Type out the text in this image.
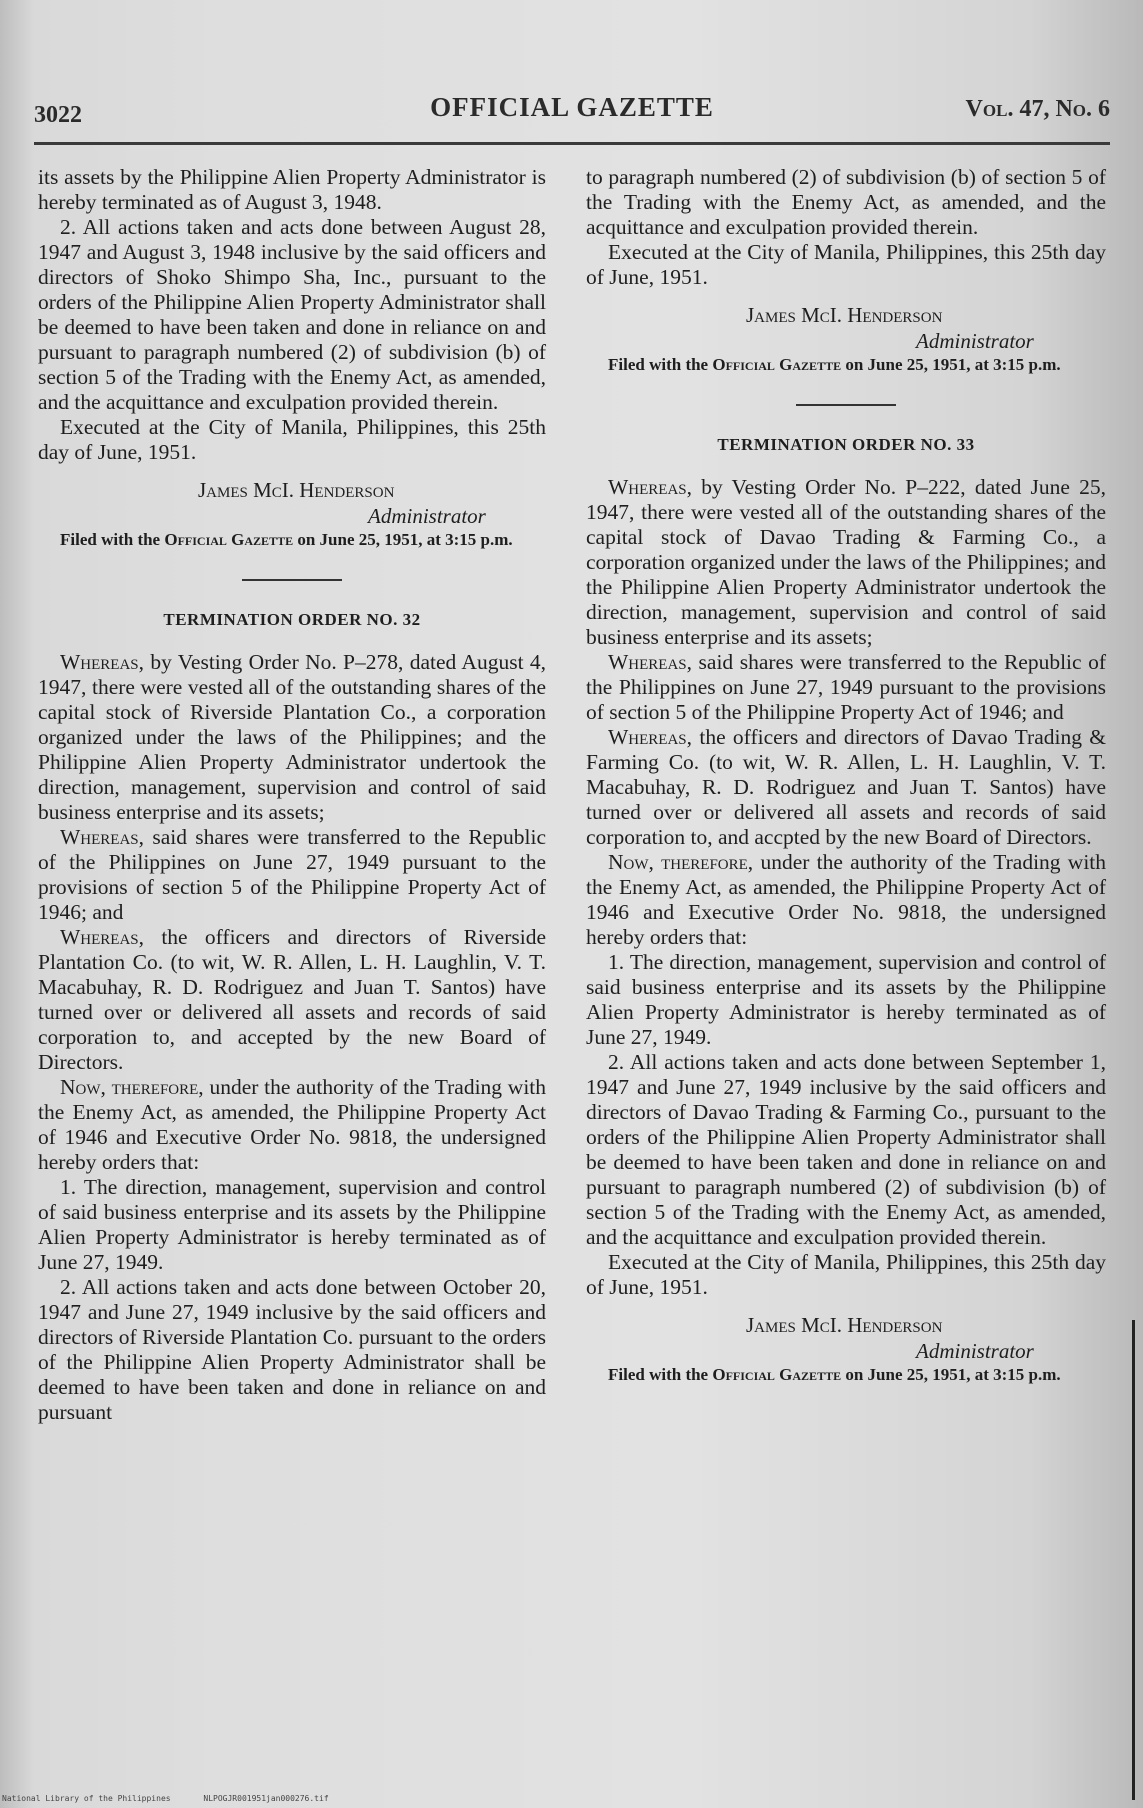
3022	OFFICIAL GAZETTE	Vol. 47, No. 6

its assets by the Philippine Alien Property Administrator is hereby terminated as of August 3, 1948.

2. All actions taken and acts done between August 28, 1947 and August 3, 1948 inclusive by the said officers and directors of Shoko Shimpo Sha, Inc., pursuant to the orders of the Philippine Alien Property Administrator shall be deemed to have been taken and done in reliance on and pursuant to paragraph numbered (2) of subdivision (b) of section 5 of the Trading with the Enemy Act, as amended, and the acquittance and exculpation provided therein.

Executed at the City of Manila, Philippines, this 25th day of June, 1951.

James McI. Henderson
Administrator

Filed with the Official Gazette on June 25, 1951, at 3:15 p.m.

TERMINATION ORDER NO. 32

Whereas, by Vesting Order No. P–278, dated August 4, 1947, there were vested all of the outstanding shares of the capital stock of Riverside Plantation Co., a corporation organized under the laws of the Philippines; and the Philippine Alien Property Administrator undertook the direction, management, supervision and control of said business enterprise and its assets;

Whereas, said shares were transferred to the Republic of the Philippines on June 27, 1949 pursuant to the provisions of section 5 of the Philippine Property Act of 1946; and

Whereas, the officers and directors of Riverside Plantation Co. (to wit, W. R. Allen, L. H. Laughlin, V. T. Macabuhay, R. D. Rodriguez and Juan T. Santos) have turned over or delivered all assets and records of said corporation to, and accepted by the new Board of Directors.

Now, therefore, under the authority of the Trading with the Enemy Act, as amended, the Philippine Property Act of 1946 and Executive Order No. 9818, the undersigned hereby orders that:

1. The direction, management, supervision and control of said business enterprise and its assets by the Philippine Alien Property Administrator is hereby terminated as of June 27, 1949.

2. All actions taken and acts done between October 20, 1947 and June 27, 1949 inclusive by the said officers and directors of Riverside Plantation Co. pursuant to the orders of the Philippine Alien Property Administrator shall be deemed to have been taken and done in reliance on and pursuant

to paragraph numbered (2) of subdivision (b) of section 5 of the Trading with the Enemy Act, as amended, and the acquittance and exculpation provided therein.

Executed at the City of Manila, Philippines, this 25th day of June, 1951.

James McI. Henderson
Administrator

Filed with the Official Gazette on June 25, 1951, at 3:15 p.m.

TERMINATION ORDER NO. 33

Whereas, by Vesting Order No. P–222, dated June 25, 1947, there were vested all of the outstanding shares of the capital stock of Davao Trading & Farming Co., a corporation organized under the laws of the Philippines; and the Philippine Alien Property Administrator undertook the direction, management, supervision and control of said business enterprise and its assets;

Whereas, said shares were transferred to the Republic of the Philippines on June 27, 1949 pursuant to the provisions of section 5 of the Philippine Property Act of 1946; and

Whereas, the officers and directors of Davao Trading & Farming Co. (to wit, W. R. Allen, L. H. Laughlin, V. T. Macabuhay, R. D. Rodriguez and Juan T. Santos) have turned over or delivered all assets and records of said corporation to, and accpted by the new Board of Directors.

Now, therefore, under the authority of the Trading with the Enemy Act, as amended, the Philippine Property Act of 1946 and Executive Order No. 9818, the undersigned hereby orders that:

1. The direction, management, supervision and control of said business enterprise and its assets by the Philippine Alien Property Administrator is hereby terminated as of June 27, 1949.

2. All actions taken and acts done between September 1, 1947 and June 27, 1949 inclusive by the said officers and directors of Davao Trading & Farming Co., pursuant to the orders of the Philippine Alien Property Administrator shall be deemed to have been taken and done in reliance on and pursuant to paragraph numbered (2) of subdivision (b) of section 5 of the Trading with the Enemy Act, as amended, and the acquittance and exculpation provided therein.

Executed at the City of Manila, Philippines, this 25th day of June, 1951.

James McI. Henderson
Administrator

Filed with the Official Gazette on June 25, 1951, at 3:15 p.m.

National Library of the Philippines	NLPOGJR001951jan000276.tif
